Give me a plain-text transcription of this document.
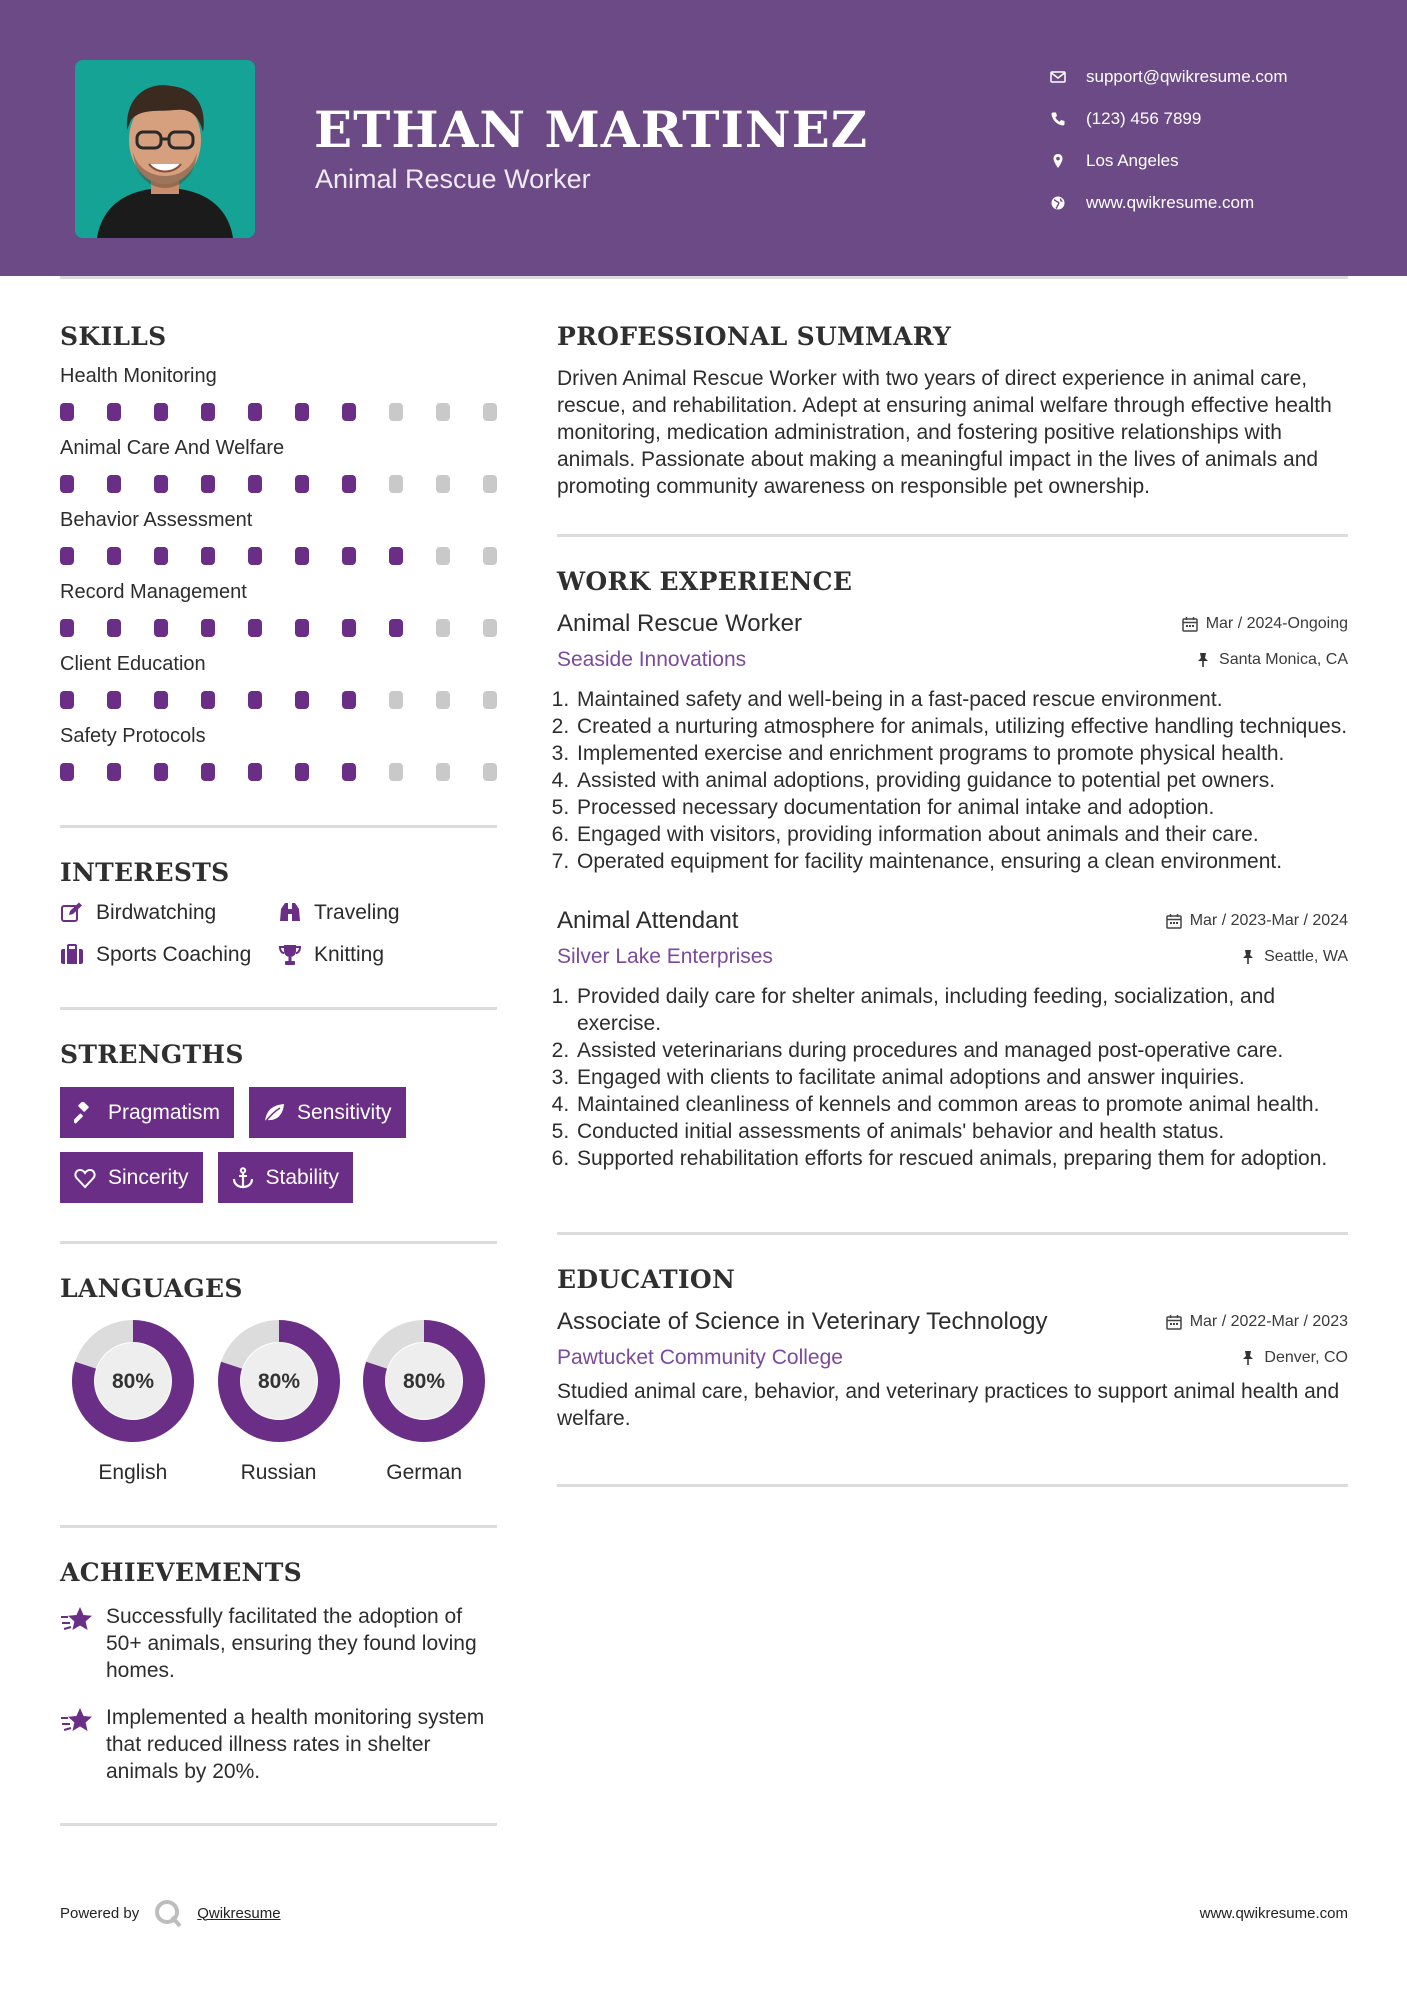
ETHAN MARTINEZ
Animal Rescue Worker
support@qwikresume.com
(123) 456 7899
Los Angeles
www.qwikresume.com
SKILLS
Health Monitoring
Animal Care And Welfare
Behavior Assessment
Record Management
Client Education
Safety Protocols
INTERESTS
Birdwatching	Traveling
Sports Coaching	Knitting
STRENGTHS
Pragmatism	Sensitivity
Sincerity	Stability
LANGUAGES
80%
English
80%
Russian
80%
German
ACHIEVEMENTS
Successfully facilitated the adoption of 50+ animals, ensuring they found loving homes.
Implemented a health monitoring system that reduced illness rates in shelter animals by 20%.
PROFESSIONAL SUMMARY
Driven Animal Rescue Worker with two years of direct experience in animal care, rescue, and rehabilitation. Adept at ensuring animal welfare through effective health monitoring, medication administration, and fostering positive relationships with animals. Passionate about making a meaningful impact in the lives of animals and promoting community awareness on responsible pet ownership.
WORK EXPERIENCE
Animal Rescue Worker	Mar / 2024-Ongoing
Seaside Innovations	Santa Monica, CA
1. Maintained safety and well-being in a fast-paced rescue environment.
2. Created a nurturing atmosphere for animals, utilizing effective handling techniques.
3. Implemented exercise and enrichment programs to promote physical health.
4. Assisted with animal adoptions, providing guidance to potential pet owners.
5. Processed necessary documentation for animal intake and adoption.
6. Engaged with visitors, providing information about animals and their care.
7. Operated equipment for facility maintenance, ensuring a clean environment.
Animal Attendant	Mar / 2023-Mar / 2024
Silver Lake Enterprises	Seattle, WA
1. Provided daily care for shelter animals, including feeding, socialization, and exercise.
2. Assisted veterinarians during procedures and managed post-operative care.
3. Engaged with clients to facilitate animal adoptions and answer inquiries.
4. Maintained cleanliness of kennels and common areas to promote animal health.
5. Conducted initial assessments of animals' behavior and health status.
6. Supported rehabilitation efforts for rescued animals, preparing them for adoption.
EDUCATION
Associate of Science in Veterinary Technology	Mar / 2022-Mar / 2023
Pawtucket Community College	Denver, CO
Studied animal care, behavior, and veterinary practices to support animal health and welfare.
Powered by	Qwikresume	www.qwikresume.com
